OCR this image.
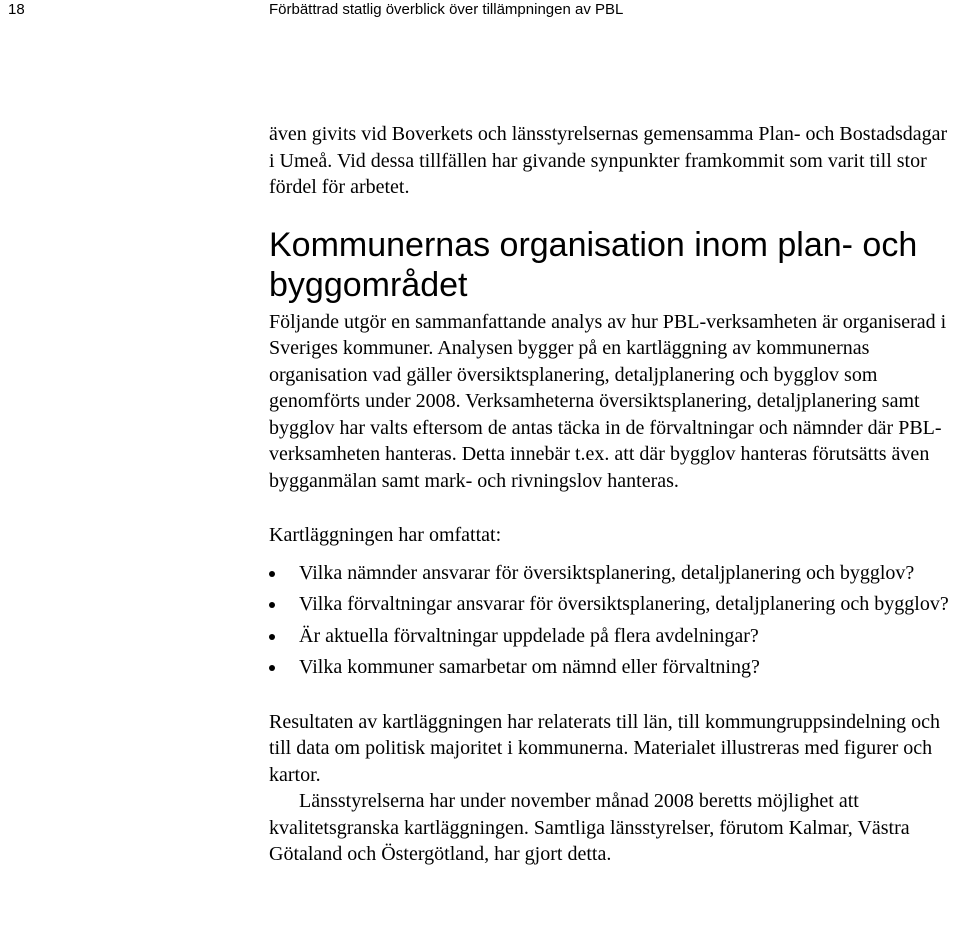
18	Förbättrad statlig överblick över tillämpningen av PBL

även givits vid Boverkets och länsstyrelsernas gemensamma Plan- och Bostadsdagar i Umeå. Vid dessa tillfällen har givande synpunkter framkommit som varit till stor fördel för arbetet.

Kommunernas organisation inom plan- och byggområdet

Följande utgör en sammanfattande analys av hur PBL-verksamheten är organiserad i Sveriges kommuner. Analysen bygger på en kartläggning av kommunernas organisation vad gäller översiktsplanering, detaljplanering och bygglov som genomförts under 2008. Verksamheterna översiktsplanering, detaljplanering samt bygglov har valts eftersom de antas täcka in de förvaltningar och nämnder där PBL-verksamheten hanteras. Detta innebär t.ex. att där bygglov hanteras förutsätts även bygganmälan samt mark- och rivningslov hanteras.

Kartläggningen har omfattat:

Vilka nämnder ansvarar för översiktsplanering, detaljplanering och bygglov?
Vilka förvaltningar ansvarar för översiktsplanering, detaljplanering och bygglov?
Är aktuella förvaltningar uppdelade på flera avdelningar?
Vilka kommuner samarbetar om nämnd eller förvaltning?

Resultaten av kartläggningen har relaterats till län, till kommungruppsindelning och till data om politisk majoritet i kommunerna. Materialet illustreras med figurer och kartor.

Länsstyrelserna har under november månad 2008 beretts möjlighet att kvalitetsgranska kartläggningen. Samtliga länsstyrelser, förutom Kalmar, Västra Götaland och Östergötland, har gjort detta.
